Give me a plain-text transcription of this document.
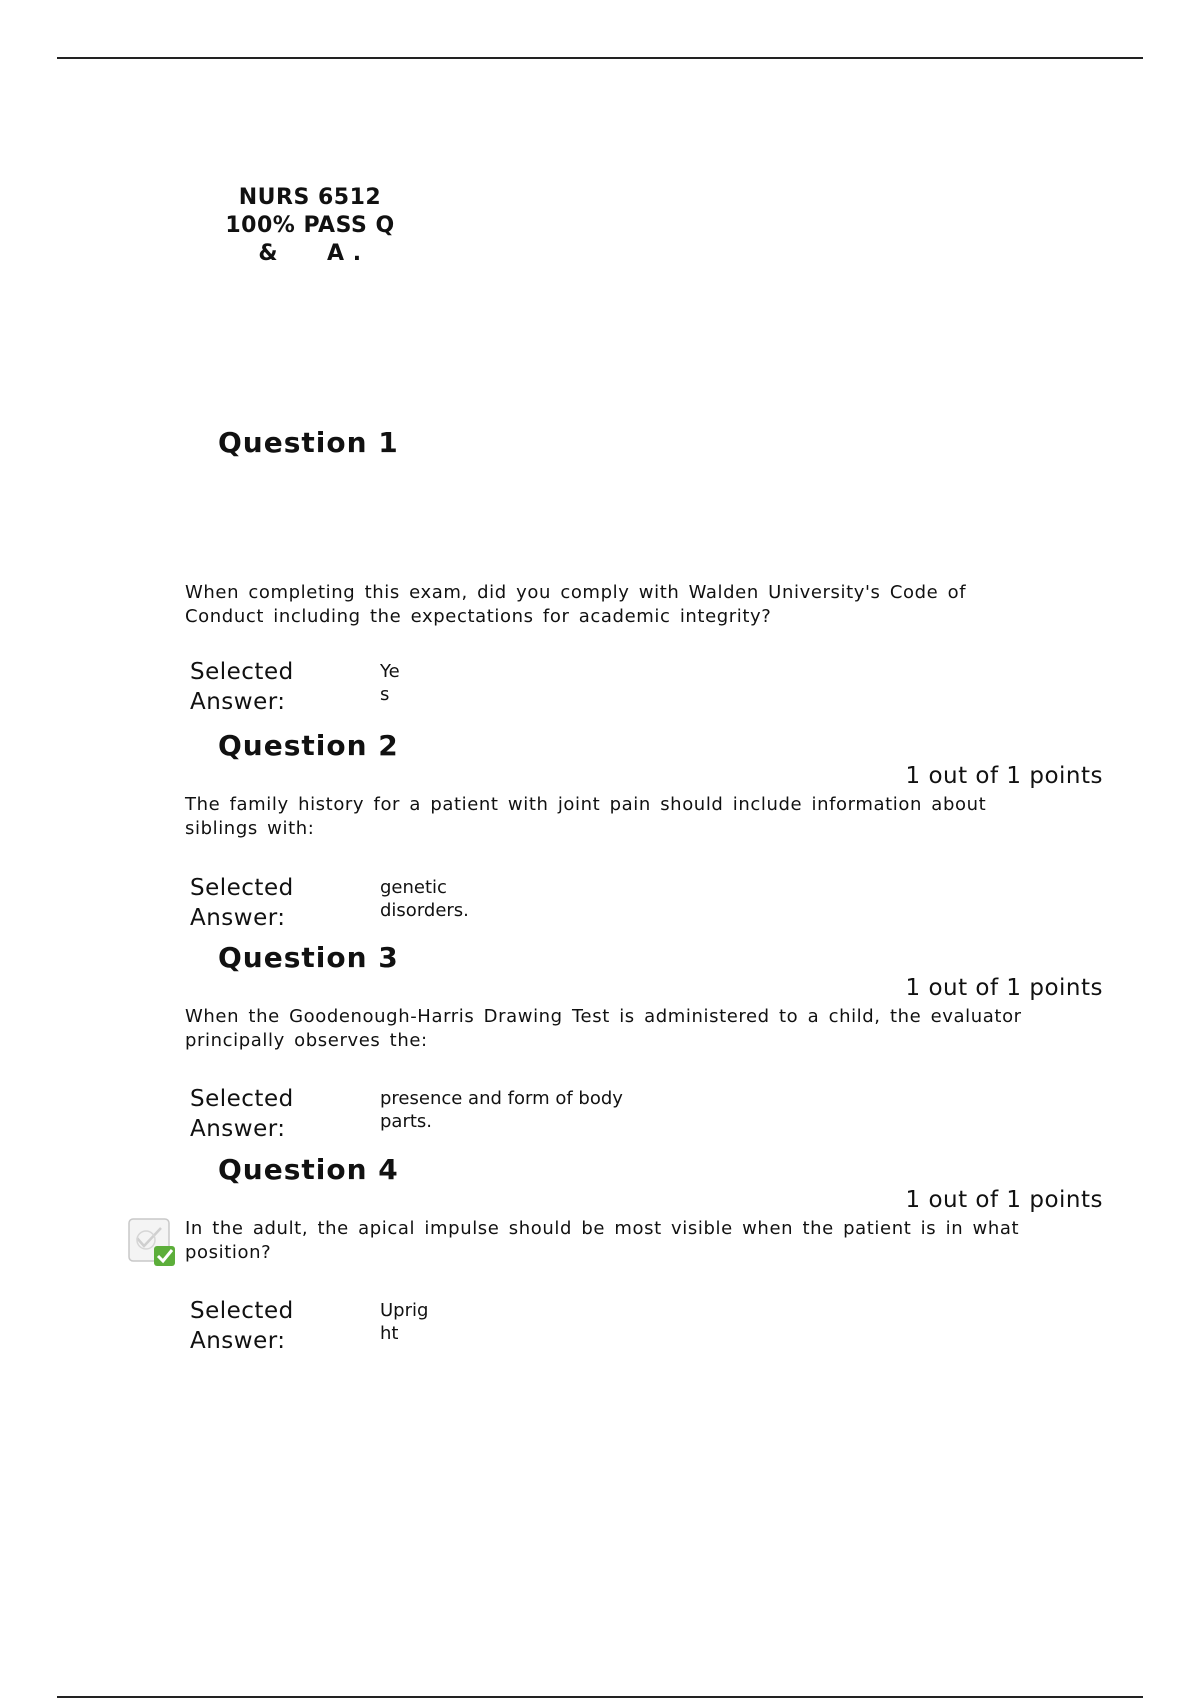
NURS 6512
100% PASS Q
&      A .
Question 1
When completing this exam, did you comply with Walden University's Code of Conduct including the expectations for academic integrity?
Selected Answer:
Ye
s
Question 2
1 out of 1 points
The family history for a patient with joint pain should include information about siblings with:
Selected Answer:
genetic
disorders.
Question 3
1 out of 1 points
When the Goodenough-Harris Drawing Test is administered to a child, the evaluator principally observes the:
Selected Answer:
presence and form of body
parts.
Question 4
1 out of 1 points
In the adult, the apical impulse should be most visible when the patient is in what position?
Selected Answer:
Uprig
ht
